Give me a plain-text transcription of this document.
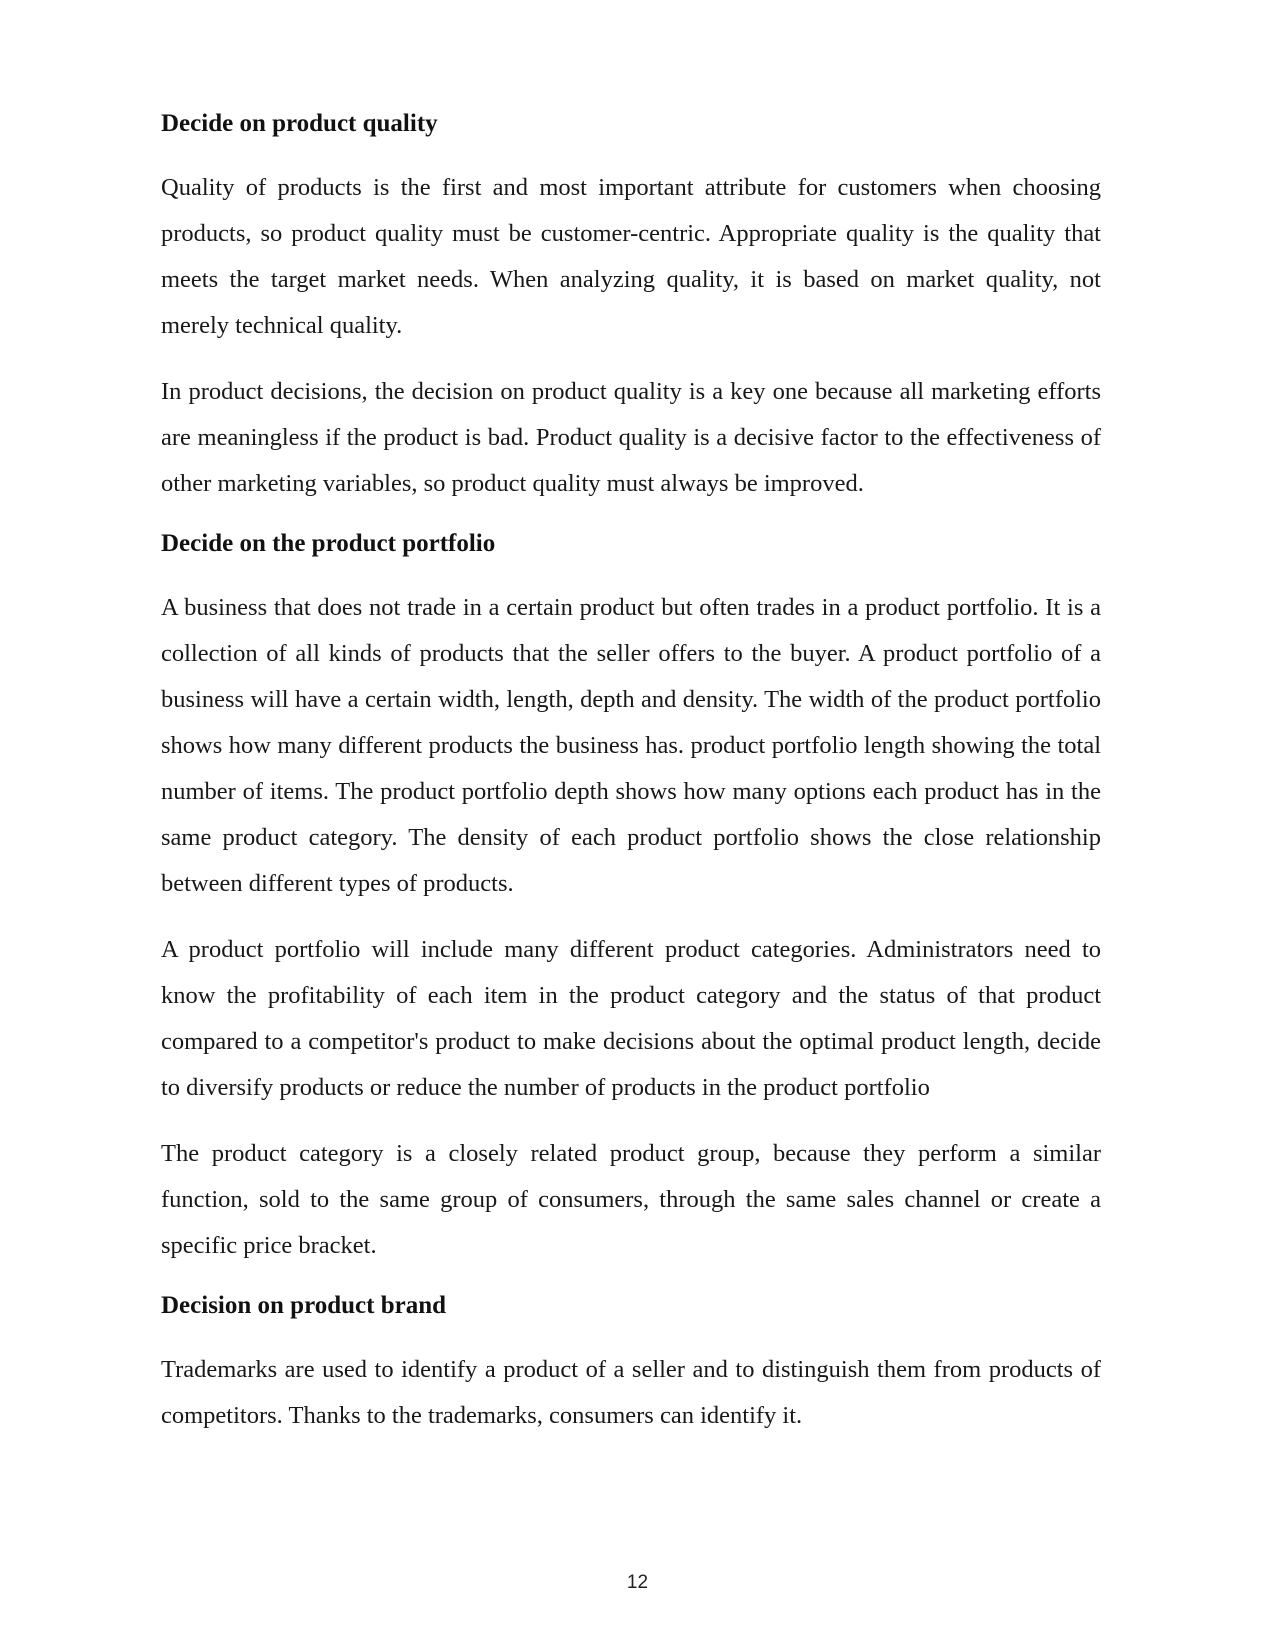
Decide on product quality

Quality of products is the first and most important attribute for customers when choosing products, so product quality must be customer-centric. Appropriate quality is the quality that meets the target market needs. When analyzing quality, it is based on market quality, not merely technical quality.

In product decisions, the decision on product quality is a key one because all marketing efforts are meaningless if the product is bad. Product quality is a decisive factor to the effectiveness of other marketing variables, so product quality must always be improved.

Decide on the product portfolio

A business that does not trade in a certain product but often trades in a product portfolio. It is a collection of all kinds of products that the seller offers to the buyer. A product portfolio of a business will have a certain width, length, depth and density. The width of the product portfolio shows how many different products the business has. product portfolio length showing the total number of items. The product portfolio depth shows how many options each product has in the same product category. The density of each product portfolio shows the close relationship between different types of products.

A product portfolio will include many different product categories. Administrators need to know the profitability of each item in the product category and the status of that product compared to a competitor's product to make decisions about the optimal product length, decide to diversify products or reduce the number of products in the product portfolio

The product category is a closely related product group, because they perform a similar function, sold to the same group of consumers, through the same sales channel or create a specific price bracket.

Decision on product brand

Trademarks are used to identify a product of a seller and to distinguish them from products of competitors. Thanks to the trademarks, consumers can identify it.

12
